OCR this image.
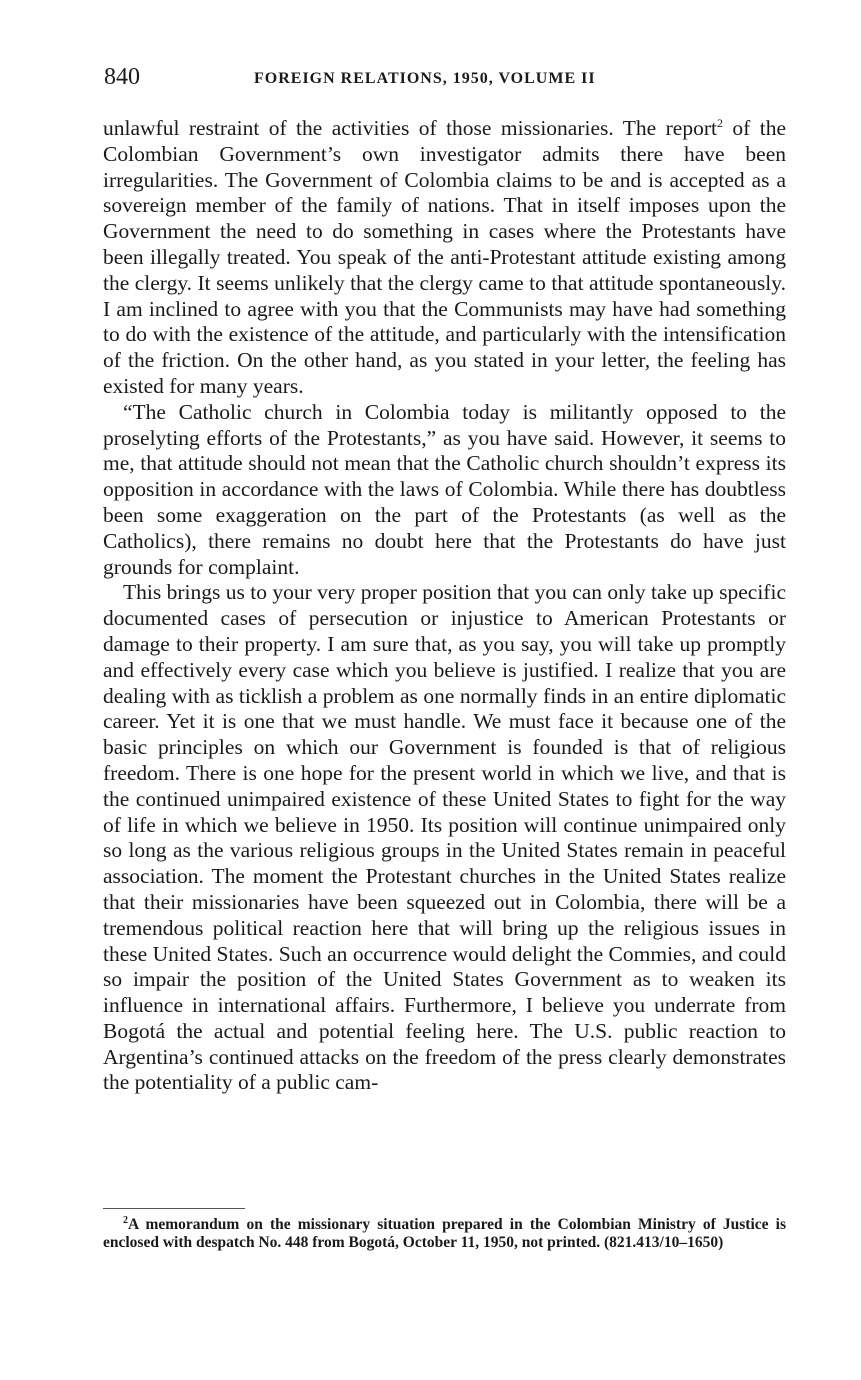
840	FOREIGN RELATIONS, 1950, VOLUME II

unlawful restraint of the activities of those missionaries. The report$^2$ of the Colombian Government’s own investigator admits there have been irregularities. The Government of Colombia claims to be and is accepted as a sovereign member of the family of nations. That in itself imposes upon the Government the need to do something in cases where the Protestants have been illegally treated. You speak of the anti-Protestant attitude existing among the clergy. It seems unlikely that the clergy came to that attitude spontaneously. I am inclined to agree with you that the Communists may have had something to do with the existence of the attitude, and particularly with the intensification of the friction. On the other hand, as you stated in your letter, the feeling has existed for many years.

“The Catholic church in Colombia today is militantly opposed to the proselyting efforts of the Protestants,” as you have said. However, it seems to me, that attitude should not mean that the Catholic church shouldn’t express its opposition in accordance with the laws of Colombia. While there has doubtless been some exaggeration on the part of the Protestants (as well as the Catholics), there remains no doubt here that the Protestants do have just grounds for complaint.

This brings us to your very proper position that you can only take up specific documented cases of persecution or injustice to American Protestants or damage to their property. I am sure that, as you say, you will take up promptly and effectively every case which you believe is justified. I realize that you are dealing with as ticklish a problem as one normally finds in an entire diplomatic career. Yet it is one that we must handle. We must face it because one of the basic principles on which our Government is founded is that of religious freedom. There is one hope for the present world in which we live, and that is the continued unimpaired existence of these United States to fight for the way of life in which we believe in 1950. Its position will continue unimpaired only so long as the various religious groups in the United States remain in peaceful association. The moment the Protestant churches in the United States realize that their missionaries have been squeezed out in Colombia, there will be a tremendous political reaction here that will bring up the religious issues in these United States. Such an occurrence would delight the Commies, and could so impair the position of the United States Government as to weaken its influence in international affairs. Furthermore, I believe you underrate from Bogotá the actual and potential feeling here. The U.S. public reaction to Argentina’s continued attacks on the freedom of the press clearly demonstrates the potentiality of a public cam-

$^2$A memorandum on the missionary situation prepared in the Colombian Ministry of Justice is enclosed with despatch No. 448 from Bogotá, October 11, 1950, not printed. (821.413/10–1650)
